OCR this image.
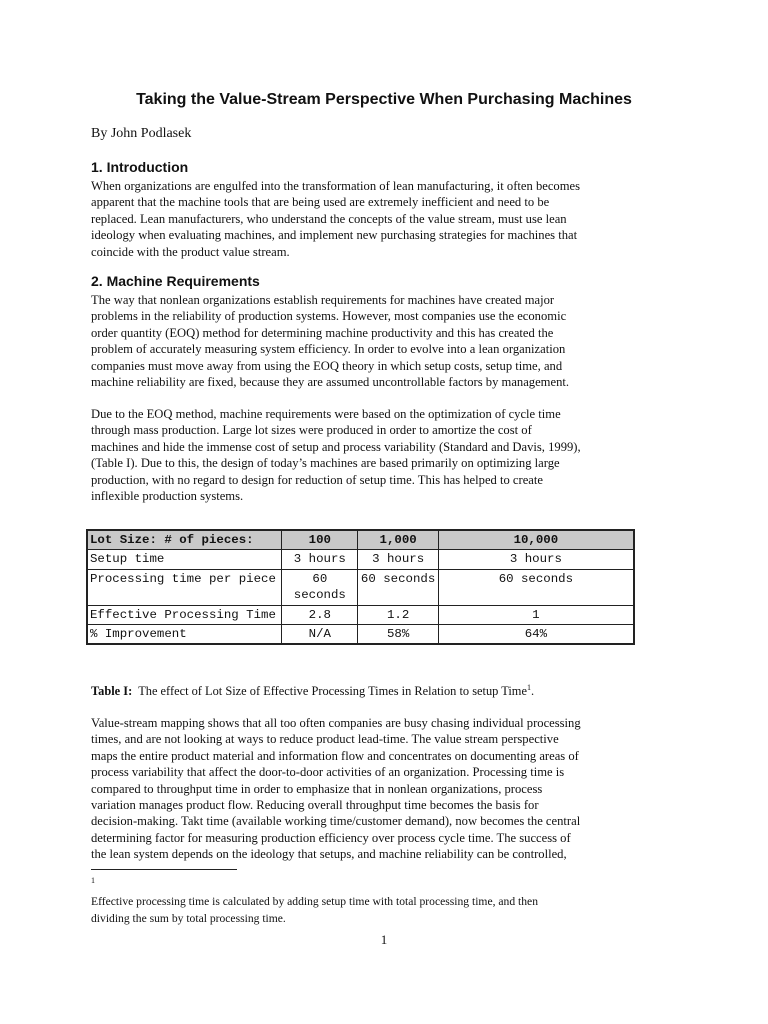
Taking the Value-Stream Perspective When Purchasing Machines

By John Podlasek

1. Introduction

When organizations are engulfed into the transformation of lean manufacturing, it often becomes
apparent that the machine tools that are being used are extremely inefficient and need to be
replaced. Lean manufacturers, who understand the concepts of the value stream, must use lean
ideology when evaluating machines, and implement new purchasing strategies for machines that
coincide with the product value stream.

2. Machine Requirements

The way that nonlean organizations establish requirements for machines have created major
problems in the reliability of production systems. However, most companies use the economic
order quantity (EOQ) method for determining machine productivity and this has created the
problem of accurately measuring system efficiency. In order to evolve into a lean organization
companies must move away from using the EOQ theory in which setup costs, setup time, and
machine reliability are fixed, because they are assumed uncontrollable factors by management.

Due to the EOQ method, machine requirements were based on the optimization of cycle time
through mass production. Large lot sizes were produced in order to amortize the cost of
machines and hide the immense cost of setup and process variability (Standard and Davis, 1999),
(Table I). Due to this, the design of today’s machines are based primarily on optimizing large
production, with no regard to design for reduction of setup time. This has helped to create
inflexible production systems.

Lot Size: # of pieces:	100	1,000	10,000
Setup time	3 hours	3 hours	3 hours
Processing time per piece	60 seconds	60 seconds	60 seconds
Effective Processing Time	2.8	1.2	1
% Improvement	N/A	58%	64%

Table I: The effect of Lot Size of Effective Processing Times in Relation to setup Time$^1$.

Value-stream mapping shows that all too often companies are busy chasing individual processing
times, and are not looking at ways to reduce product lead-time. The value stream perspective
maps the entire product material and information flow and concentrates on documenting areas of
process variability that affect the door-to-door activities of an organization. Processing time is
compared to throughput time in order to emphasize that in nonlean organizations, process
variation manages product flow. Reducing overall throughput time becomes the basis for
decision-making. Takt time (available working time/customer demand), now becomes the central
determining factor for measuring production efficiency over process cycle time. The success of
the lean system depends on the ideology that setups, and machine reliability can be controlled,

$^1$
Effective processing time is calculated by adding setup time with total processing time, and then
dividing the sum by total processing time.

1
